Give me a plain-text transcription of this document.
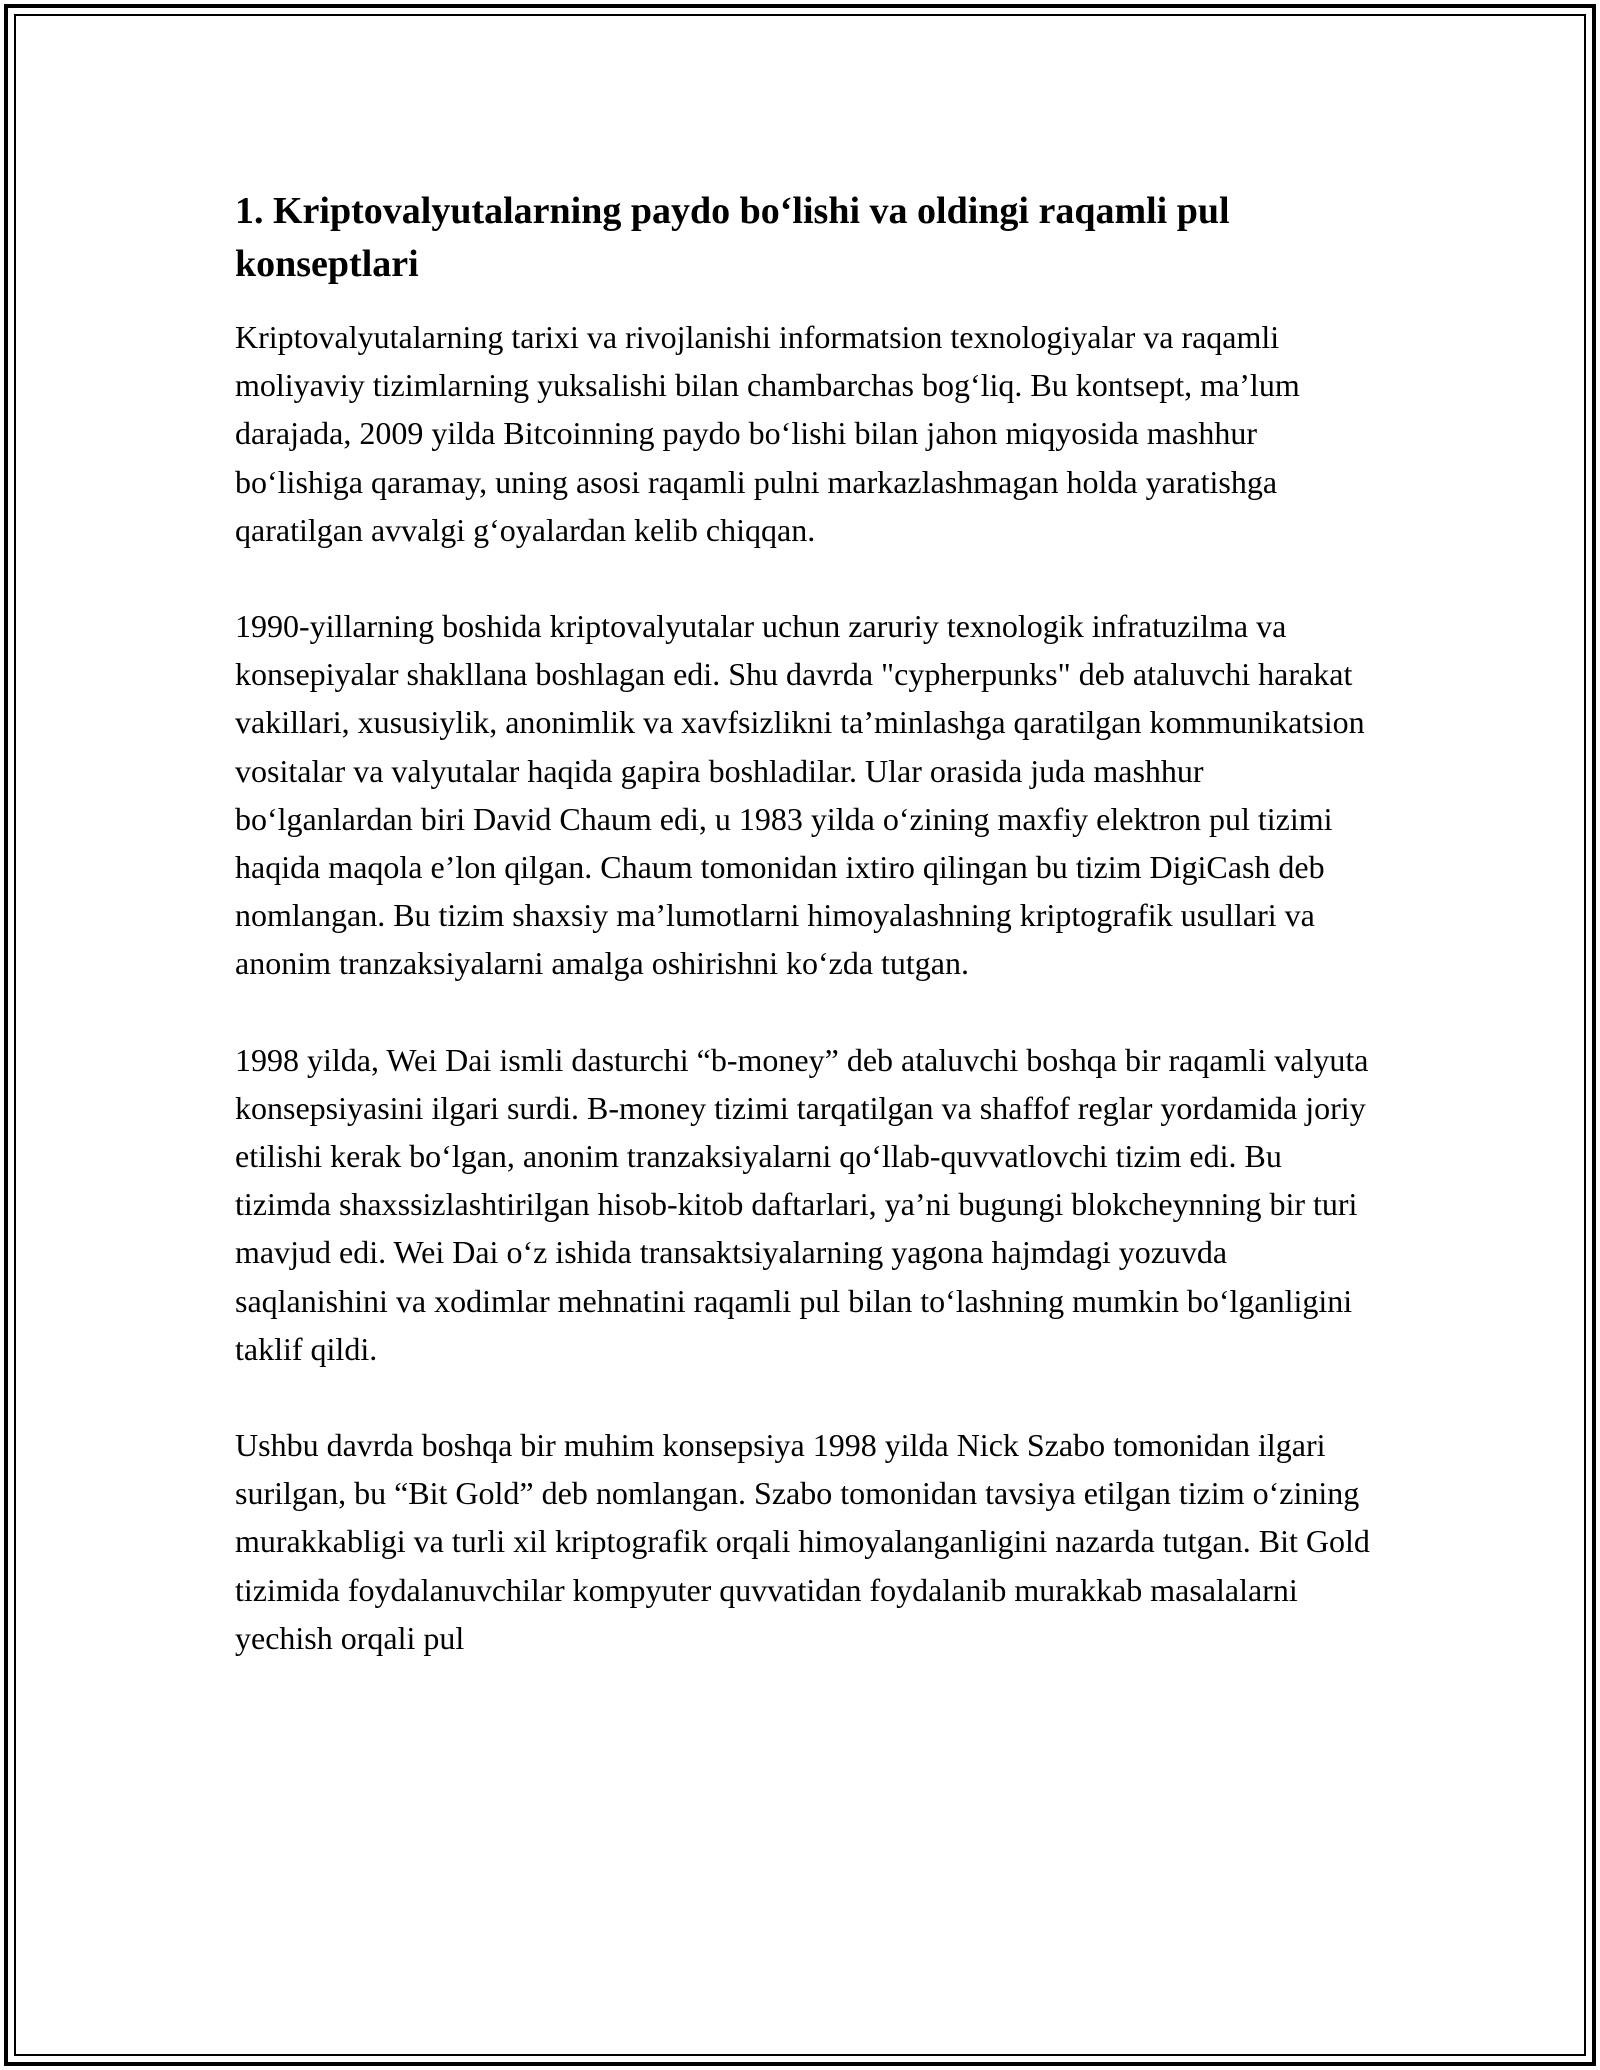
1. Kriptovalyutalarning paydo bo‘lishi va oldingi raqamli pul konseptlari

Kriptovalyutalarning tarixi va rivojlanishi informatsion texnologiyalar va raqamli moliyaviy tizimlarning yuksalishi bilan chambarchas bog‘liq. Bu kontsept, ma’lum darajada, 2009 yilda Bitcoinning paydo bo‘lishi bilan jahon miqyosida mashhur bo‘lishiga qaramay, uning asosi raqamli pulni markazlashmagan holda yaratishga qaratilgan avvalgi g‘oyalardan kelib chiqqan.

1990-yillarning boshida kriptovalyutalar uchun zaruriy texnologik infratuzilma va konsepiyalar shakllana boshlagan edi. Shu davrda "cypherpunks" deb ataluvchi harakat vakillari, xususiylik, anonimlik va xavfsizlikni ta’minlashga qaratilgan kommunikatsion vositalar va valyutalar haqida gapira boshladilar. Ular orasida juda mashhur bo‘lganlardan biri David Chaum edi, u 1983 yilda o‘zining maxfiy elektron pul tizimi haqida maqola e’lon qilgan. Chaum tomonidan ixtiro qilingan bu tizim DigiCash deb nomlangan. Bu tizim shaxsiy ma’lumotlarni himoyalashning kriptografik usullari va anonim tranzaksiyalarni amalga oshirishni ko‘zda tutgan.

1998 yilda, Wei Dai ismli dasturchi “b-money” deb ataluvchi boshqa bir raqamli valyuta konsepsiyasini ilgari surdi. B-money tizimi tarqatilgan va shaffof reglar yordamida joriy etilishi kerak bo‘lgan, anonim tranzaksiyalarni qo‘llab-quvvatlovchi tizim edi. Bu tizimda shaxssizlashtirilgan hisob-kitob daftarlari, ya’ni bugungi blokcheynning bir turi mavjud edi. Wei Dai o‘z ishida transaktsiyalarning yagona hajmdagi yozuvda saqlanishini va xodimlar mehnatini raqamli pul bilan to‘lashning mumkin bo‘lganligini taklif qildi.

Ushbu davrda boshqa bir muhim konsepsiya 1998 yilda Nick Szabo tomonidan ilgari surilgan, bu “Bit Gold” deb nomlangan. Szabo tomonidan tavsiya etilgan tizim o‘zining murakkabligi va turli xil kriptografik orqali himoyalanganligini nazarda tutgan. Bit Gold tizimida foydalanuvchilar kompyuter quvvatidan foydalanib murakkab masalalarni yechish orqali pul
